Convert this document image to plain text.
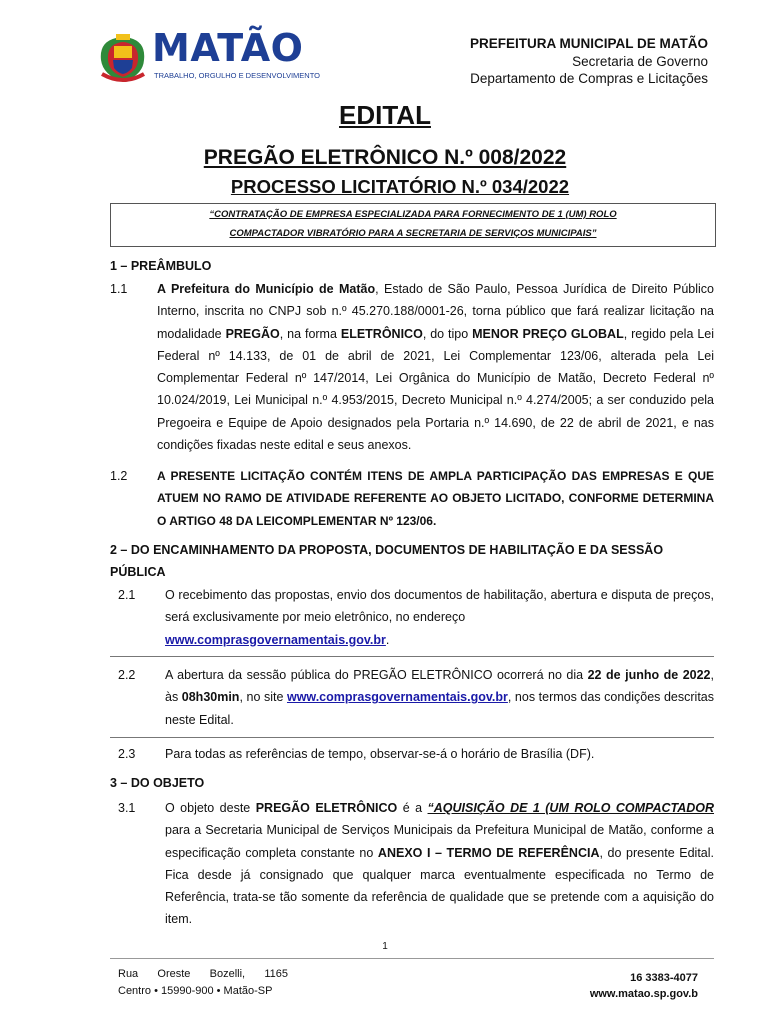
MATÃO
TRABALHO, ORGULHO E DESENVOLVIMENTO
PREFEITURA MUNICIPAL DE MATÃO
Secretaria de Governo
Departamento de Compras e Licitações
EDITAL
PREGÃO ELETRÔNICO N.º 008/2022
PROCESSO LICITATÓRIO N.º 034/2022
“CONTRATAÇÃO DE EMPRESA ESPECIALIZADA PARA FORNECIMENTO DE 1 (UM) ROLO
COMPACTADOR VIBRATÓRIO PARA A SECRETARIA DE SERVIÇOS MUNICIPAIS”
1 – PREÂMBULO
1.1 A Prefeitura do Município de Matão, Estado de São Paulo, Pessoa Jurídica de Direito Público Interno, inscrita no CNPJ sob n.º 45.270.188/0001-26, torna público que fará realizar licitação na modalidade PREGÃO, na forma ELETRÔNICO, do tipo MENOR PREÇO GLOBAL, regido pela Lei Federal nº 14.133, de 01 de abril de 2021, Lei Complementar 123/06, alterada pela Lei Complementar Federal nº 147/2014, Lei Orgânica do Município de Matão, Decreto Federal nº 10.024/2019, Lei Municipal n.º 4.953/2015, Decreto Municipal n.º 4.274/2005; a ser conduzido pela Pregoeira e Equipe de Apoio designados pela Portaria n.º 14.690, de 22 de abril de 2021, e nas condições fixadas neste edital e seus anexos.
1.2 A PRESENTE LICITAÇÃO CONTÉM ITENS DE AMPLA PARTICIPAÇÃO DAS EMPRESAS E QUE ATUEM NO RAMO DE ATIVIDADE REFERENTE AO OBJETO LICITADO, CONFORME DETERMINA O ARTIGO 48 DA LEICOMPLEMENTAR Nº 123/06.
2 – DO ENCAMINHAMENTO DA PROPOSTA, DOCUMENTOS DE HABILITAÇÃO E DA SESSÃO
PÚBLICA
2.1 O recebimento das propostas, envio dos documentos de habilitação, abertura e disputa de preços, será exclusivamente por meio eletrônico, no endereço
www.comprasgovernamentais.gov.br.
2.2 A abertura da sessão pública do PREGÃO ELETRÔNICO ocorrerá no dia 22 de junho de 2022, às 08h30min, no site www.comprasgovernamentais.gov.br, nos termos das condições descritas neste Edital.
2.3 Para todas as referências de tempo, observar-se-á o horário de Brasília (DF).
3 – DO OBJETO
3.1 O objeto deste PREGÃO ELETRÔNICO é a “AQUISIÇÃO DE 1 (UM ROLO COMPACTADOR para a Secretaria Municipal de Serviços Municipais da Prefeitura Municipal de Matão, conforme a especificação completa constante no ANEXO I – TERMO DE REFERÊNCIA, do presente Edital. Fica desde já consignado que qualquer marca eventualmente especificada no Termo de Referência, trata-se tão somente da referência de qualidade que se pretende com a aquisição do item.
1
Rua Oreste Bozelli, 1165
Centro • 15990-900 • Matão-SP
16 3383-4077
www.matao.sp.gov.b
